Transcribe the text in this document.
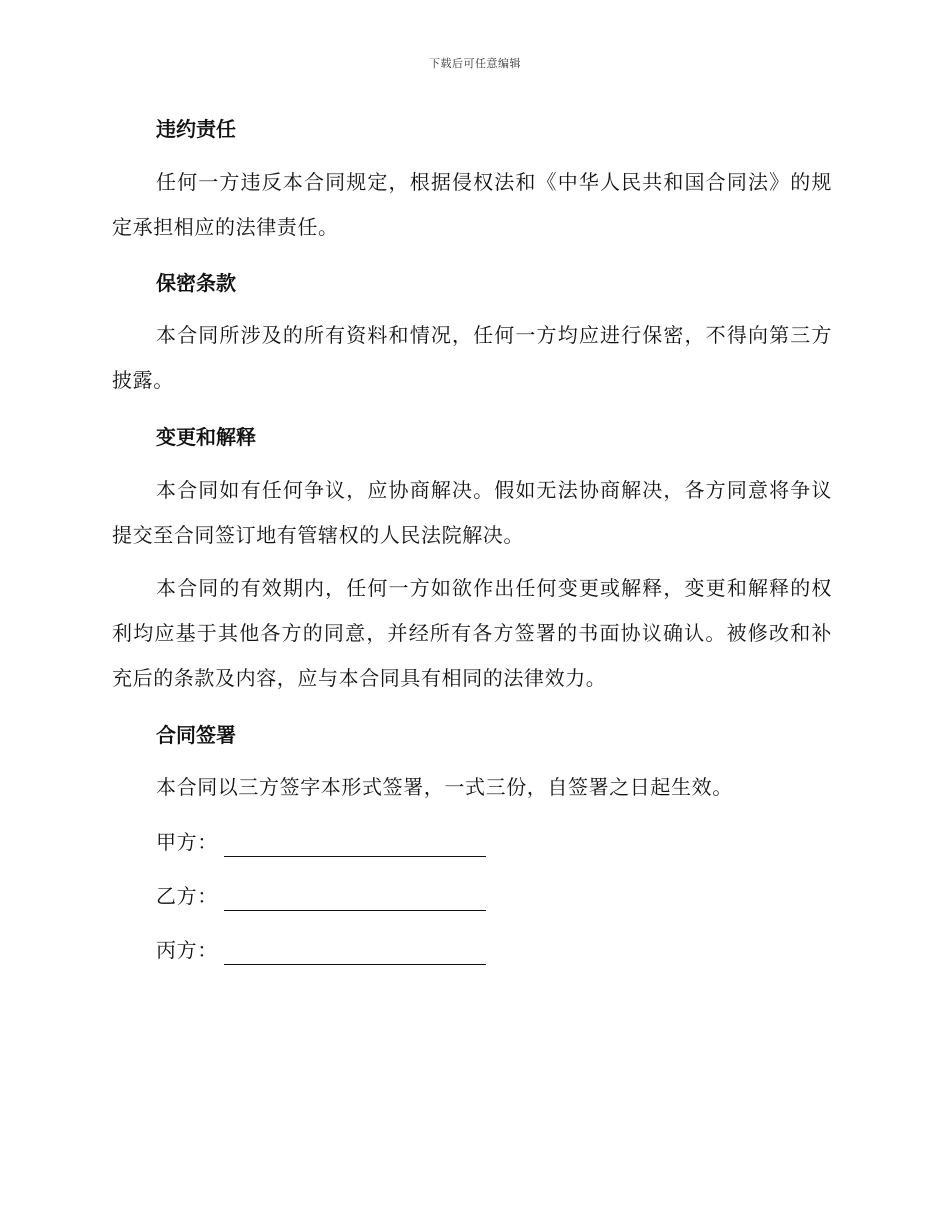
下载后可任意编辑

违约责任

任何一方违反本合同规定，根据侵权法和《中华人民共和国合同法》的规定承担相应的法律责任。

保密条款

本合同所涉及的所有资料和情况，任何一方均应进行保密，不得向第三方披露。

变更和解释

本合同如有任何争议，应协商解决。假如无法协商解决，各方同意将争议提交至合同签订地有管辖权的人民法院解决。

本合同的有效期内，任何一方如欲作出任何变更或解释，变更和解释的权利均应基于其他各方的同意，并经所有各方签署的书面协议确认。被修改和补充后的条款及内容，应与本合同具有相同的法律效力。

合同签署

本合同以三方签字本形式签署，一式三份，自签署之日起生效。

甲方：
乙方：
丙方：
